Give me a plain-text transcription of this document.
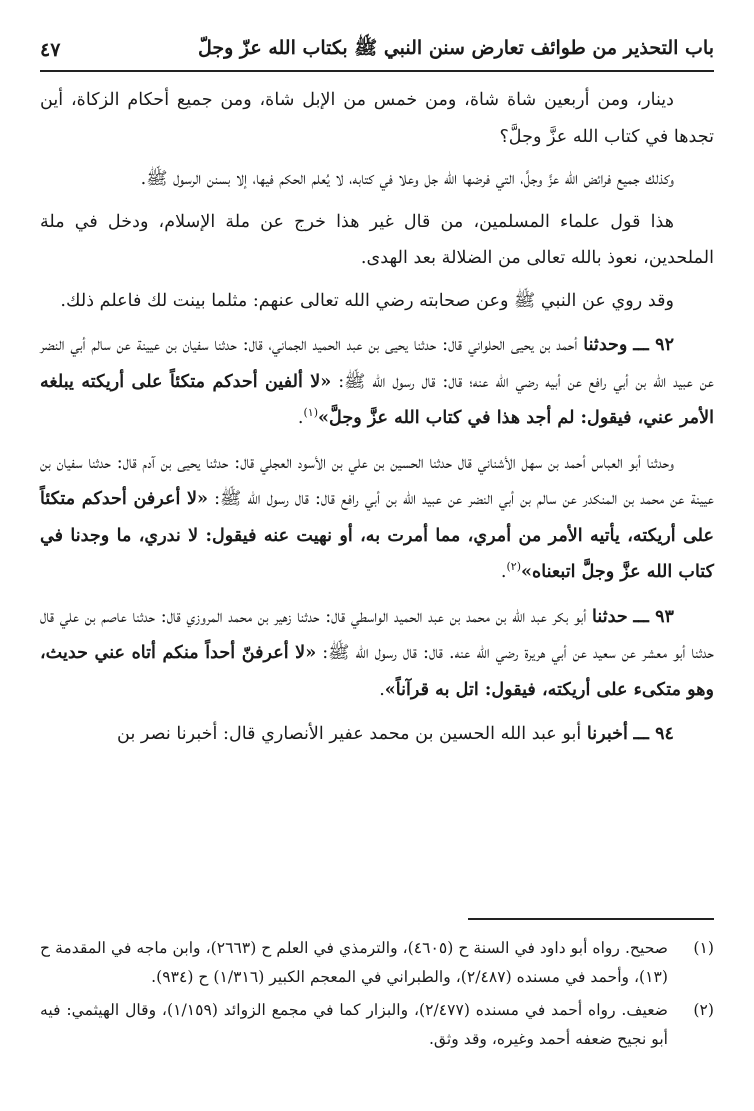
باب التحذير من طوائف تعارض سنن النبي ﷺ بكتاب الله عزّ وجلّ
٤٧

دينار، ومن أربعين شاة شاة، ومن خمس من الإبل شاة، ومن جميع أحكام الزكاة، أين تجدها في كتاب الله عزَّ وجلَّ؟

وكذلك جميع فرائض الله عزَّ وجلَّ، التي فرضها الله جل وعلا في كتابه، لا يُعلم الحكم فيها، إلا بسنن الرسول ﷺ.

هذا قول علماء المسلمين، من قال غير هذا خرج عن ملة الإسلام، ودخل في ملة الملحدين، نعوذ بالله تعالى من الضلالة بعد الهدى.

وقد روي عن النبي ﷺ وعن صحابته رضي الله تعالى عنهم: مثلما بينت لك فاعلم ذلك.

٩٢ ـــ وحدثنا أحمد بن يحيى الحلواني قال: حدثنا يحيى بن عبد الحميد الجماني، قال: حدثنا سفيان بن عيينة عن سالم أبي النضر عن عبيد الله بن أبي رافع عن أبيه رضي الله عنه؛ قال: قال رسول الله ﷺ: «لا ألفين أحدكم متكئاً على أريكته يبلغه الأمر عني، فيقول: لم أجد هذا في كتاب الله عزَّ وجلَّ»$^{(١)}$.

وحدثنا أبو العباس أحمد بن سهل الأشناني قال حدثنا الحسين بن علي بن الأسود العجلي قال: حدثنا يحيى بن آدم قال: حدثنا سفيان بن عيينة عن محمد بن المنكدر عن سالم بن أبي النضر عن عبيد الله بن أبي رافع قال: قال رسول الله ﷺ: «لا أعرفن أحدكم متكئاً على أريكته، يأتيه الأمر من أمري، مما أمرت به، أو نهيت عنه فيقول: لا ندري، ما وجدنا في كتاب الله عزَّ وجلَّ اتبعناه»$^{(٢)}$.

٩٣ ـــ حدثنا أبو بكر عبد الله بن محمد بن عبد الحميد الواسطي قال: حدثنا زهير بن محمد المروزي قال: حدثنا عاصم بن علي قال حدثنا أبو معشر عن سعيد عن أبي هريرة رضي الله عنه. قال: قال رسول الله ﷺ: «لا أعرفنّ أحداً منكم أتاه عني حديث، وهو متكىء على أريكته، فيقول: اتل به قرآناً».

٩٤ ـــ أخبرنا أبو عبد الله الحسين بن محمد عفير الأنصاري قال: أخبرنا نصر بن

(١)
صحيح. رواه أبو داود في السنة ح (٤٦٠٥)، والترمذي في العلم ح (٢٦٦٣)، وابن ماجه في المقدمة ح (١٣)، وأحمد في مسنده (٢/٤٨٧)، والطبراني في المعجم الكبير (١/٣١٦) ح (٩٣٤).
(٢)
ضعيف. رواه أحمد في مسنده (٢/٤٧٧)، والبزار كما في مجمع الزوائد (١/١٥٩)، وقال الهيثمي: فيه أبو نجيح ضعفه أحمد وغيره، وقد وثق.
